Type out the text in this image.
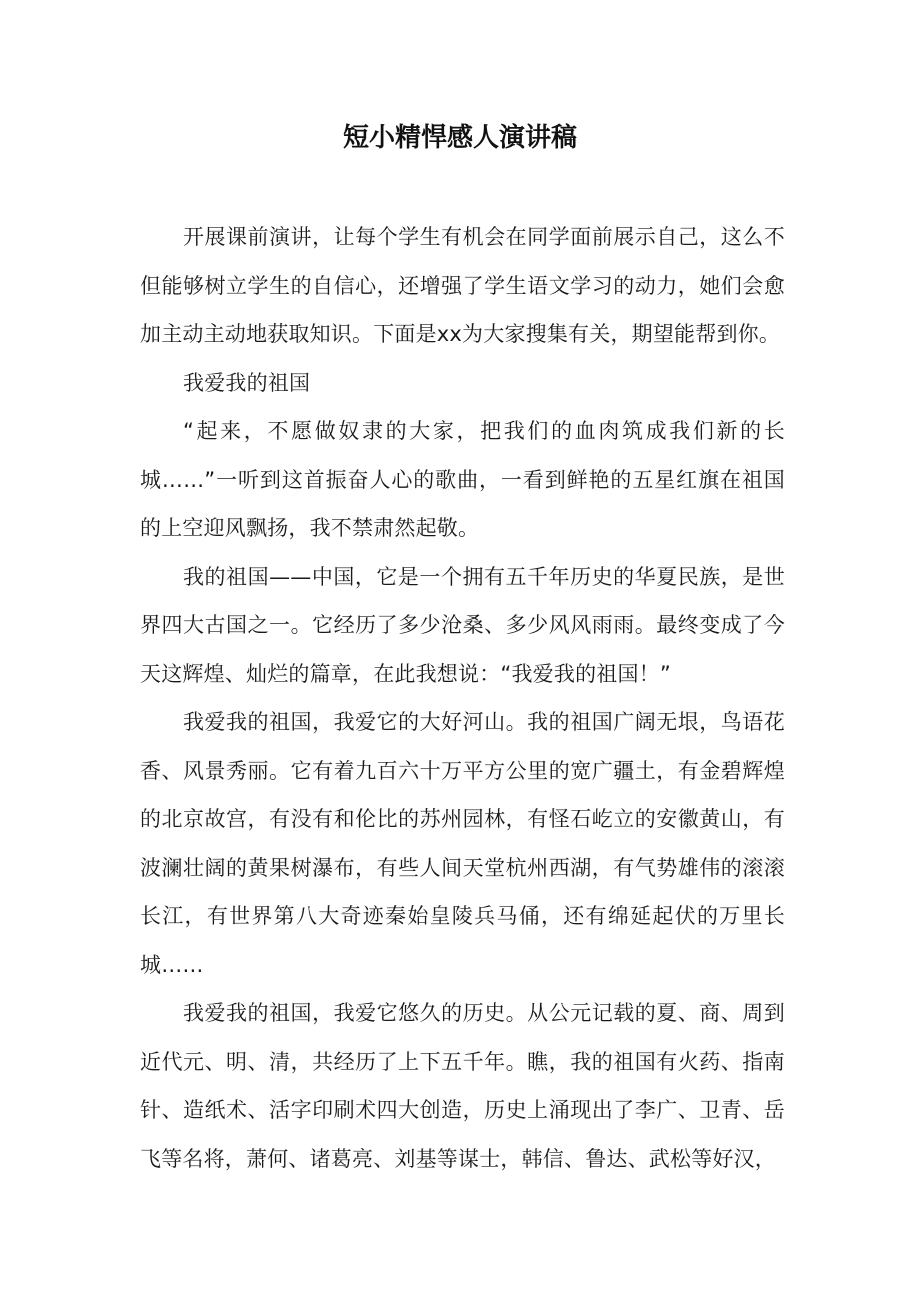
短小精悍感人演讲稿

开展课前演讲，让每个学生有机会在同学面前展示自己，这么不但能够树立学生的自信心，还增强了学生语文学习的动力，她们会愈加主动主动地获取知识。下面是xx为大家搜集有关，期望能帮到你。

我爱我的祖国

“起来，不愿做奴隶的大家，把我们的血肉筑成我们新的长城……”一听到这首振奋人心的歌曲，一看到鲜艳的五星红旗在祖国的上空迎风飘扬，我不禁肃然起敬。

我的祖国——中国，它是一个拥有五千年历史的华夏民族，是世界四大古国之一。它经历了多少沧桑、多少风风雨雨。最终变成了今天这辉煌、灿烂的篇章，在此我想说：“我爱我的祖国！”

我爱我的祖国，我爱它的大好河山。我的祖国广阔无垠，鸟语花香、风景秀丽。它有着九百六十万平方公里的宽广疆土，有金碧辉煌的北京故宫，有没有和伦比的苏州园林，有怪石屹立的安徽黄山，有波澜壮阔的黄果树瀑布，有些人间天堂杭州西湖，有气势雄伟的滚滚长江，有世界第八大奇迹秦始皇陵兵马俑，还有绵延起伏的万里长城……

我爱我的祖国，我爱它悠久的历史。从公元记载的夏、商、周到近代元、明、清，共经历了上下五千年。瞧，我的祖国有火药、指南针、造纸术、活字印刷术四大创造，历史上涌现出了李广、卫青、岳飞等名将，萧何、诸葛亮、刘基等谋士，韩信、鲁达、武松等好汉，
